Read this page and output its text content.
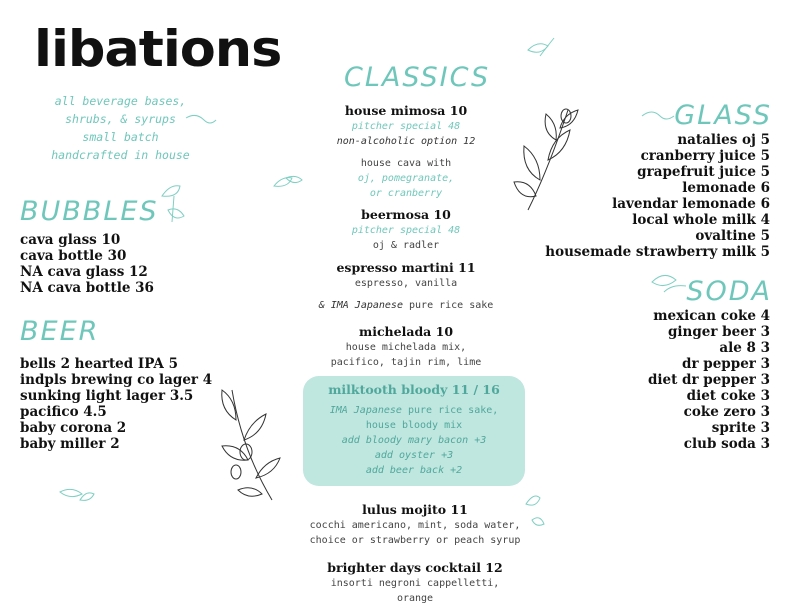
libations
all beverage bases,
shrubs, & syrups
small batch
handcrafted in house
BUBBLES
cava glass 10
cava bottle 30
NA cava glass 12
NA cava bottle 36
BEER
bells 2 hearted IPA 5
indpls brewing co lager 4
sunking light lager 3.5
pacifico 4.5
baby corona 2
baby miller 2
CLASSICS
house mimosa 10
pitcher special 48
non-alcoholic option 12
house cava with
oj, pomegranate,
or cranberry
beermosa 10
pitcher special 48
oj & radler
espresso martini 11
espresso, vanilla
& IMA Japanese pure rice sake
michelada 10
house michelada mix,
pacifico, tajin rim, lime
milktooth bloody 11 / 16
IMA Japanese pure rice sake,
house bloody mix
add bloody mary bacon +3
add oyster +3
add beer back +2
lulus mojito 11
cocchi americano, mint, soda water,
choice or strawberry or peach syrup
brighter days cocktail 12
insorti negroni cappelletti,
orange
GLASS
natalies oj 5
cranberry juice 5
grapefruit juice 5
lemonade 6
lavendar lemonade 6
local whole milk 4
ovaltine 5
housemade strawberry milk 5
SODA
mexican coke 4
ginger beer 3
ale 8 3
dr pepper 3
diet dr pepper 3
diet coke 3
coke zero 3
sprite 3
club soda 3
